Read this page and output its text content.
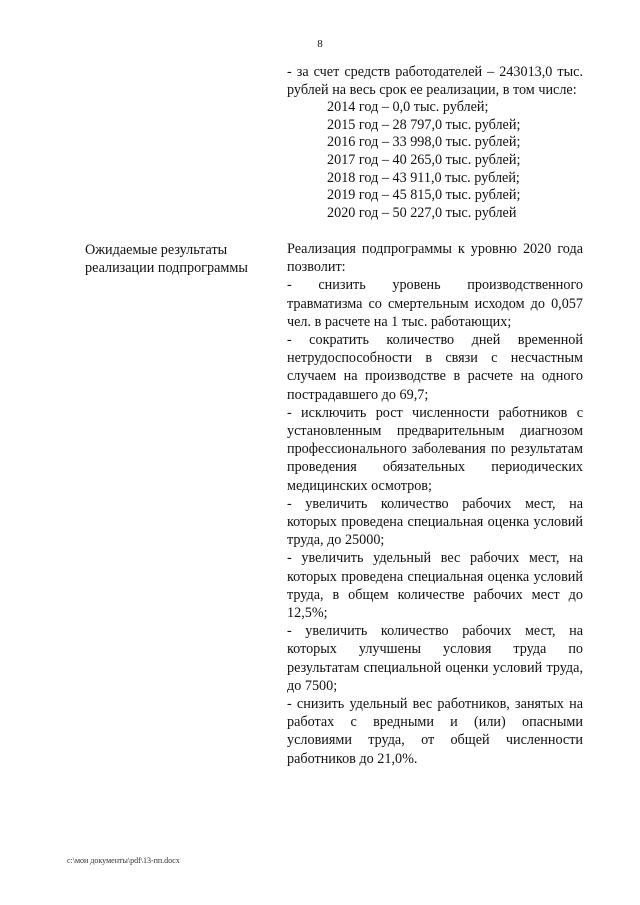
8
- за счет средств работодателей – 243013,0 тыс. рублей на весь срок ее реализации, в том числе:
2014 год – 0,0 тыс. рублей;
2015 год – 28 797,0 тыс. рублей;
2016 год – 33 998,0 тыс. рублей;
2017 год – 40 265,0 тыс. рублей;
2018 год – 43 911,0 тыс. рублей;
2019 год – 45 815,0 тыс. рублей;
2020 год – 50 227,0 тыс. рублей
Ожидаемые результаты реализации подпрограммы

Реализация подпрограммы к уровню 2020 года позволит:

- снизить уровень производственного травматизма со смертельным исходом до 0,057 чел. в расчете на 1 тыс. работающих;

- сократить количество дней временной нетрудоспособности в связи с несчастным случаем на производстве в расчете на одного пострадавшего до 69,7;

- исключить рост численности работников с установленным предварительным диагнозом профессионального заболевания по результатам проведения обязательных периодических медицинских осмотров;

- увеличить количество рабочих мест, на которых проведена специальная оценка условий труда, до 25000;

- увеличить удельный вес рабочих мест, на которых проведена специальная оценка условий труда, в общем количестве рабочих мест до 12,5%;

- увеличить количество рабочих мест, на которых улучшены условия труда по результатам специальной оценки условий труда, до 7500;

- снизить удельный вес работников, занятых на работах с вредными и (или) опасными условиями труда, от общей численности работников до 21,0%.

c:\мои документы\pdf\13-пп.docx
